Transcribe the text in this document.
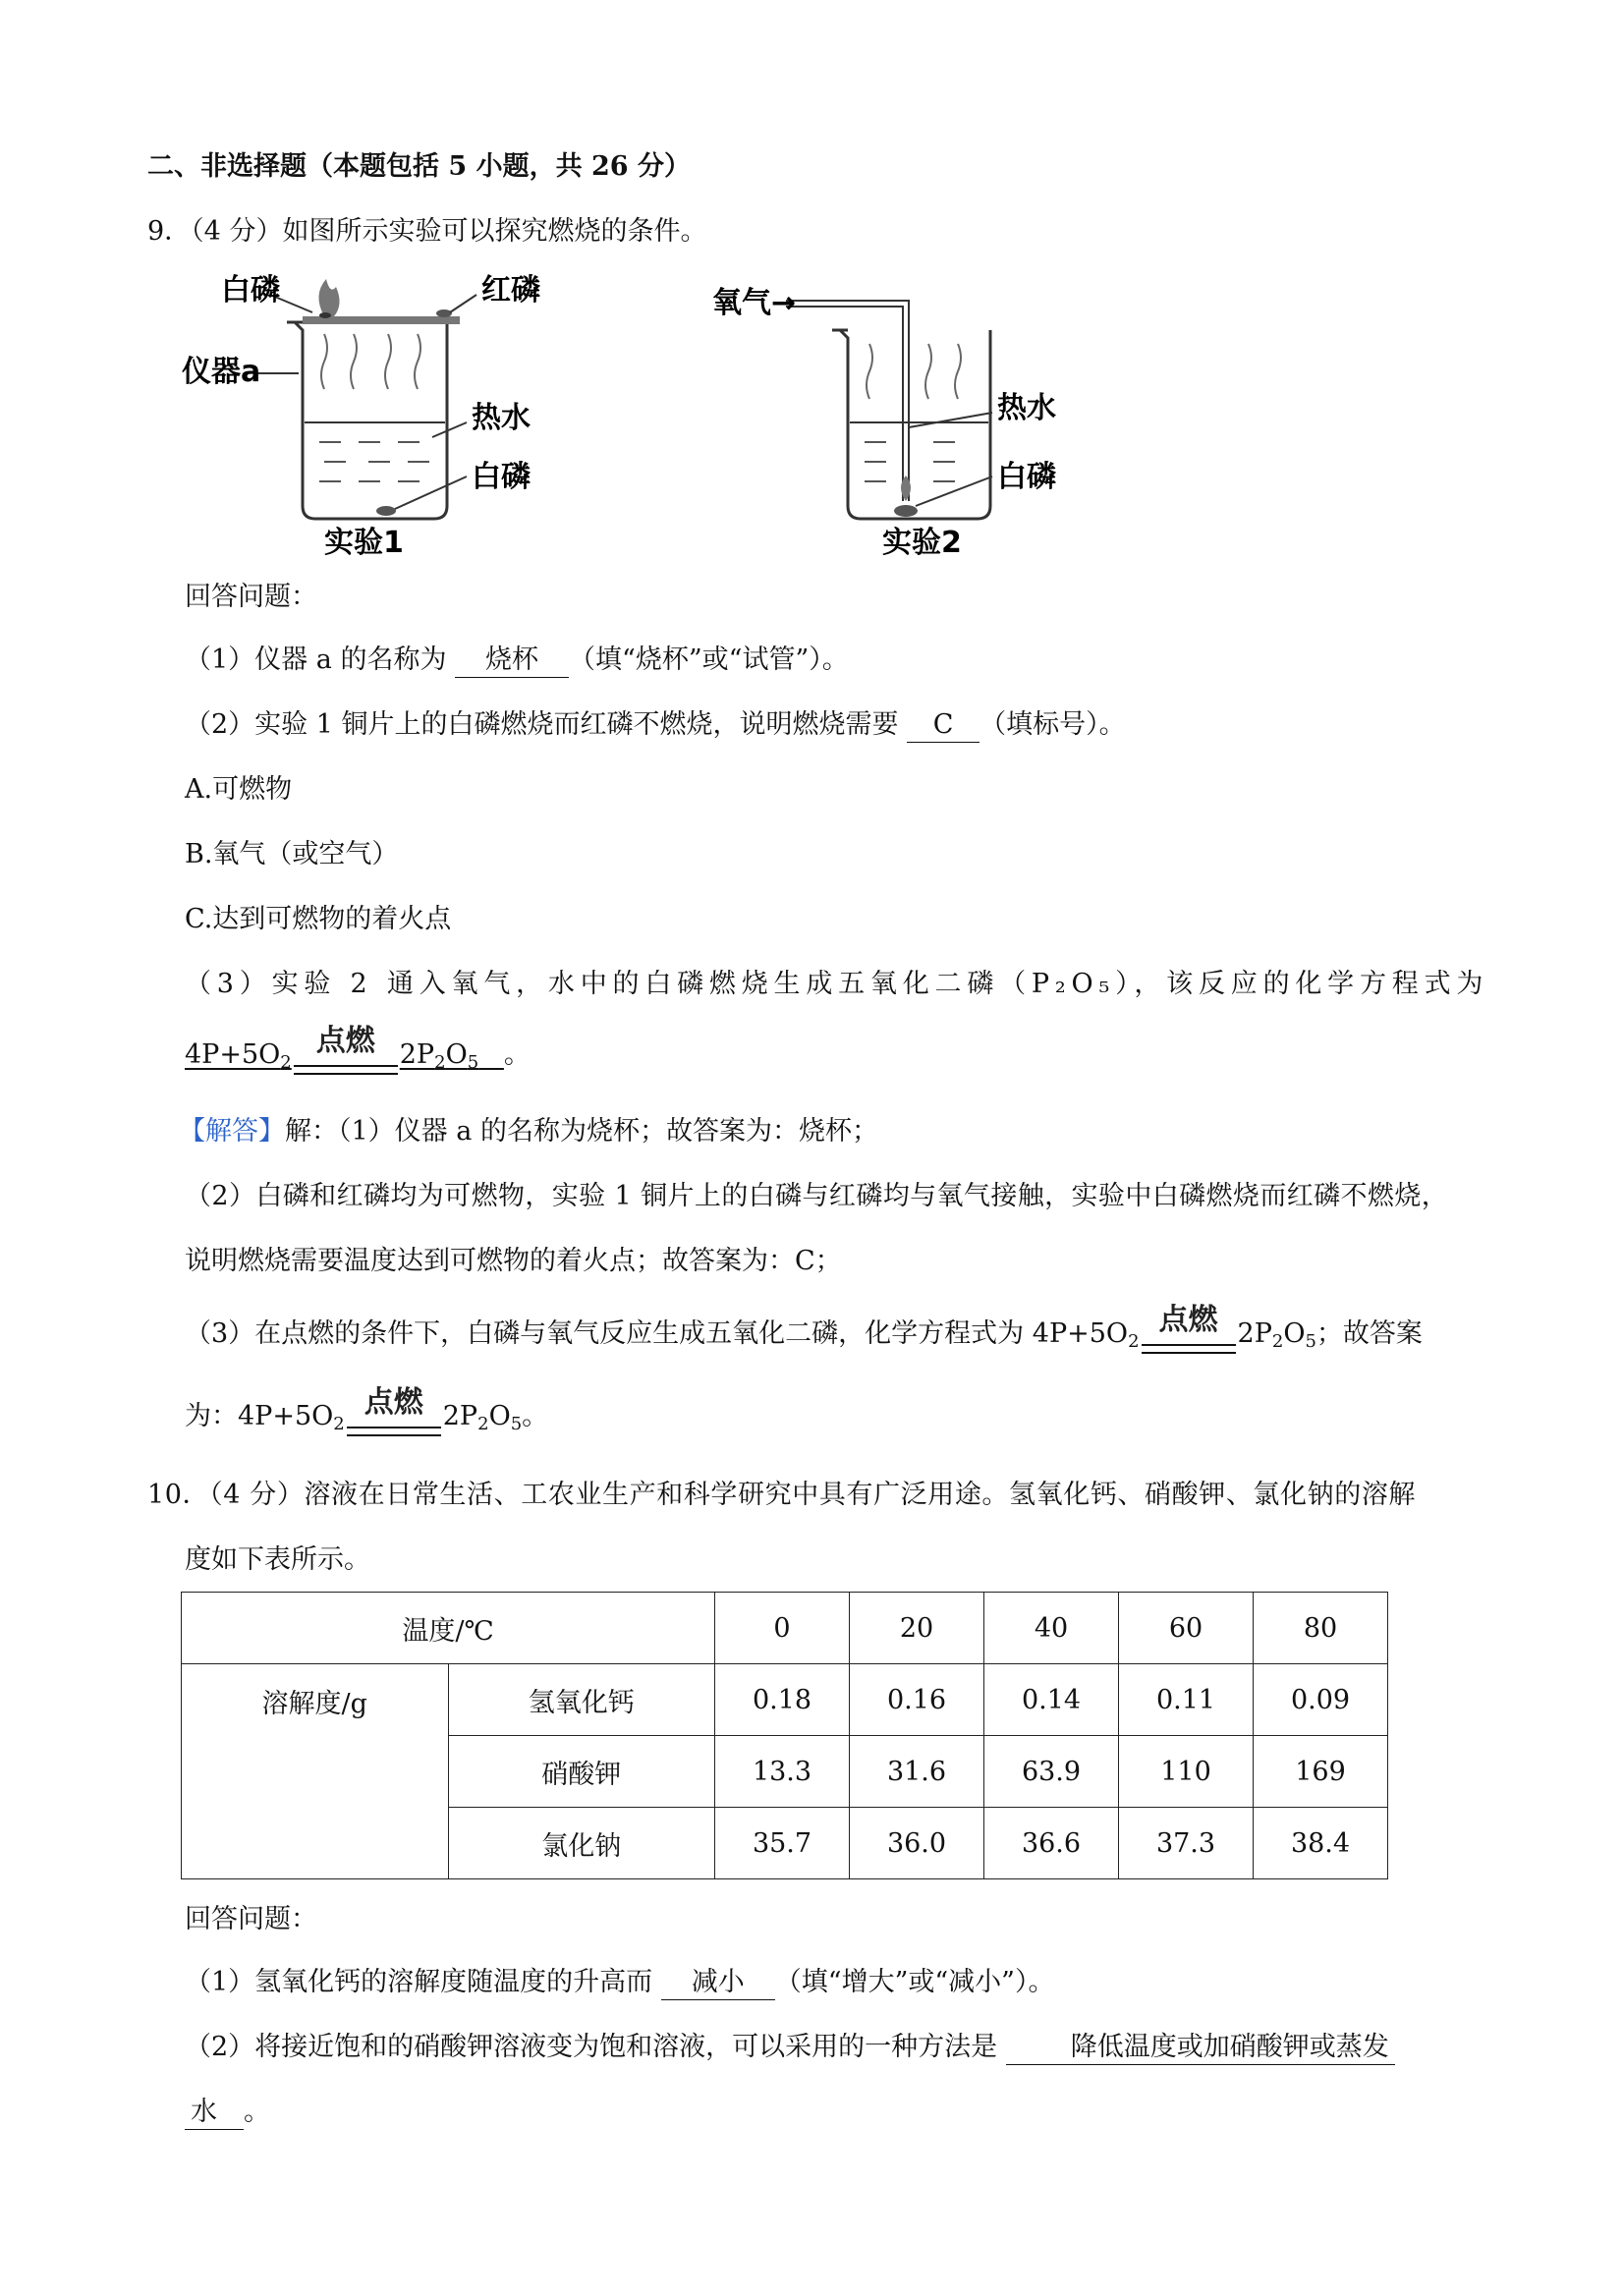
二、非选择题（本题包括 5 小题，共 26 分）
9．（4 分）如图所示实验可以探究燃烧的条件。
白磷	红磷
仪器a
热水
白磷
实验1
氧气→
热水
白磷
实验2
回答问题：
（1）仪器 a 的名称为 烧杯 （填“烧杯”或“试管”）。
（2）实验 1 铜片上的白磷燃烧而红磷不燃烧，说明燃烧需要 C （填标号）。
A.可燃物
B.氧气（或空气）
C.达到可燃物的着火点
（3）实验 2 通入氧气，水中的白磷燃烧生成五氧化二磷（P₂O₅），该反应的化学方程式为
$4P+5O_2$
点燃 $2P_2O_5$ 。
【解答】解：（1）仪器 a 的名称为烧杯；故答案为：烧杯；
（2）白磷和红磷均为可燃物，实验 1 铜片上的白磷与红磷均与氧气接触，实验中白磷燃烧而红磷不燃烧，
说明燃烧需要温度达到可燃物的着火点；故答案为：C；
（3）在点燃的条件下，白磷与氧气反应生成五氧化二磷，化学方程式为 $4P+5O_2$
点燃 $2P_2O_5$；故答案
为：$4P+5O_2$
点燃 $2P_2O_5$。
10．（4 分）溶液在日常生活、工农业生产和科学研究中具有广泛用途。氢氧化钙、硝酸钾、氯化钠的溶解
度如下表所示。
温度/℃		0	20	40	60	80
溶解度/g	氢氧化钙	0.18	0.16	0.14	0.11	0.09
	硝酸钾	13.3	31.6	63.9	110	169
	氯化钠	35.7	36.0	36.6	37.3	38.4
回答问题：
（1）氢氧化钙的溶解度随温度的升高而 减小 （填“增大”或“减小”）。
（2）将接近饱和的硝酸钾溶液变为饱和溶液，可以采用的一种方法是 降低温度或加硝酸钾或蒸发
水 。
